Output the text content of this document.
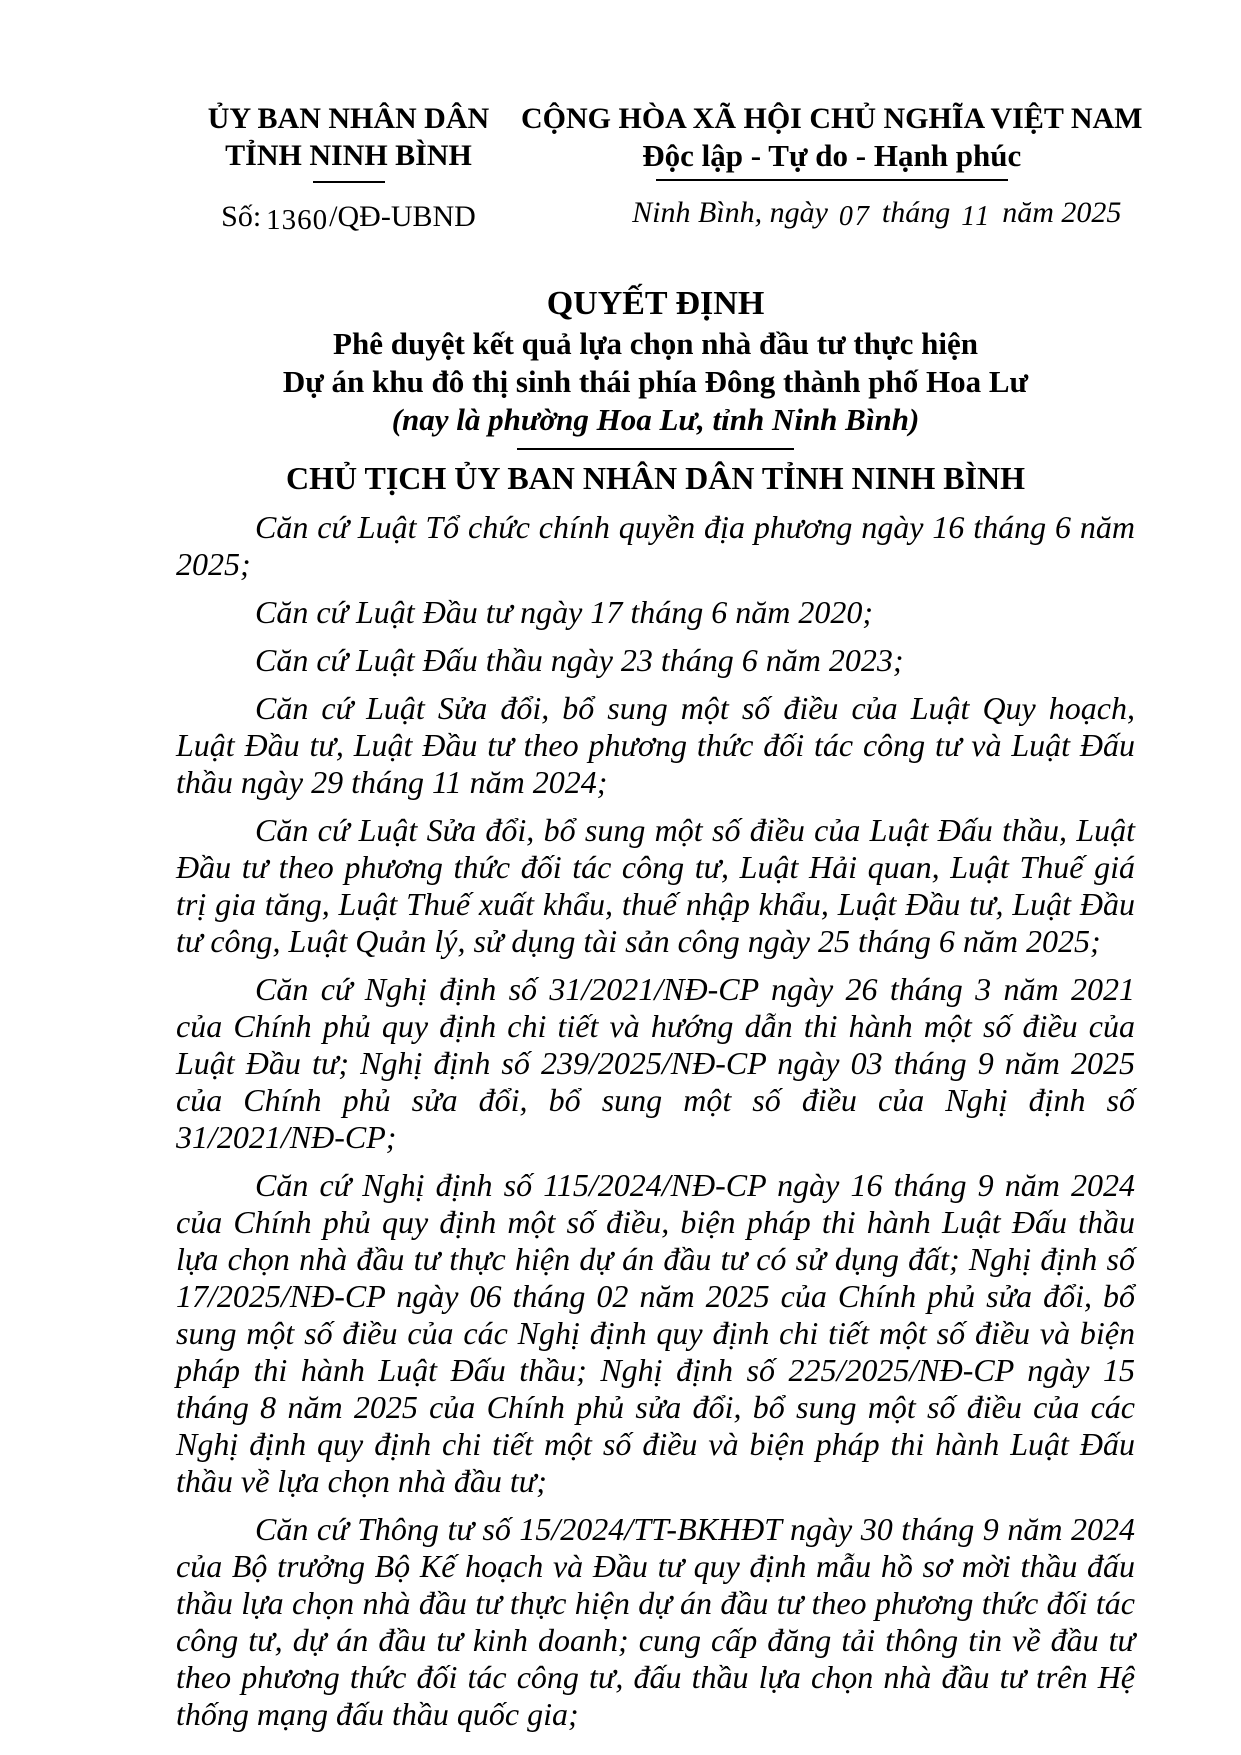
ỦY BAN NHÂN DÂN
TỈNH NINH BÌNH
Số: 1360/QĐ-UBND
CỘNG HÒA XÃ HỘI CHỦ NGHĨA VIỆT NAM
Độc lập - Tự do - Hạnh phúc
Ninh Bình, ngày 07 tháng 11 năm 2025
QUYẾT ĐỊNH
Phê duyệt kết quả lựa chọn nhà đầu tư thực hiện
Dự án khu đô thị sinh thái phía Đông thành phố Hoa Lư
(nay là phường Hoa Lư, tỉnh Ninh Bình)
CHỦ TỊCH ỦY BAN NHÂN DÂN TỈNH NINH BÌNH

Căn cứ Luật Tổ chức chính quyền địa phương ngày 16 tháng 6 năm 2025;

Căn cứ Luật Đầu tư ngày 17 tháng 6 năm 2020;

Căn cứ Luật Đấu thầu ngày 23 tháng 6 năm 2023;

Căn cứ Luật Sửa đổi, bổ sung một số điều của Luật Quy hoạch, Luật Đầu tư, Luật Đầu tư theo phương thức đối tác công tư và Luật Đấu thầu ngày 29 tháng 11 năm 2024;

Căn cứ Luật Sửa đổi, bổ sung một số điều của Luật Đấu thầu, Luật Đầu tư theo phương thức đối tác công tư, Luật Hải quan, Luật Thuế giá trị gia tăng, Luật Thuế xuất khẩu, thuế nhập khẩu, Luật Đầu tư, Luật Đầu tư công, Luật Quản lý, sử dụng tài sản công ngày 25 tháng 6 năm 2025;

Căn cứ Nghị định số 31/2021/NĐ-CP ngày 26 tháng 3 năm 2021 của Chính phủ quy định chi tiết và hướng dẫn thi hành một số điều của Luật Đầu tư; Nghị định số 239/2025/NĐ-CP ngày 03 tháng 9 năm 2025 của Chính phủ sửa đổi, bổ sung một số điều của Nghị định số 31/2021/NĐ-CP;

Căn cứ Nghị định số 115/2024/NĐ-CP ngày 16 tháng 9 năm 2024 của Chính phủ quy định một số điều, biện pháp thi hành Luật Đấu thầu lựa chọn nhà đầu tư thực hiện dự án đầu tư có sử dụng đất; Nghị định số 17/2025/NĐ-CP ngày 06 tháng 02 năm 2025 của Chính phủ sửa đổi, bổ sung một số điều của các Nghị định quy định chi tiết một số điều và biện pháp thi hành Luật Đấu thầu; Nghị định số 225/2025/NĐ-CP ngày 15 tháng 8 năm 2025 của Chính phủ sửa đổi, bổ sung một số điều của các Nghị định quy định chi tiết một số điều và biện pháp thi hành Luật Đấu thầu về lựa chọn nhà đầu tư;

Căn cứ Thông tư số 15/2024/TT-BKHĐT ngày 30 tháng 9 năm 2024 của Bộ trưởng Bộ Kế hoạch và Đầu tư quy định mẫu hồ sơ mời thầu đấu thầu lựa chọn nhà đầu tư thực hiện dự án đầu tư theo phương thức đối tác công tư, dự án đầu tư kinh doanh; cung cấp đăng tải thông tin về đầu tư theo phương thức đối tác công tư, đấu thầu lựa chọn nhà đầu tư trên Hệ thống mạng đấu thầu quốc gia;
